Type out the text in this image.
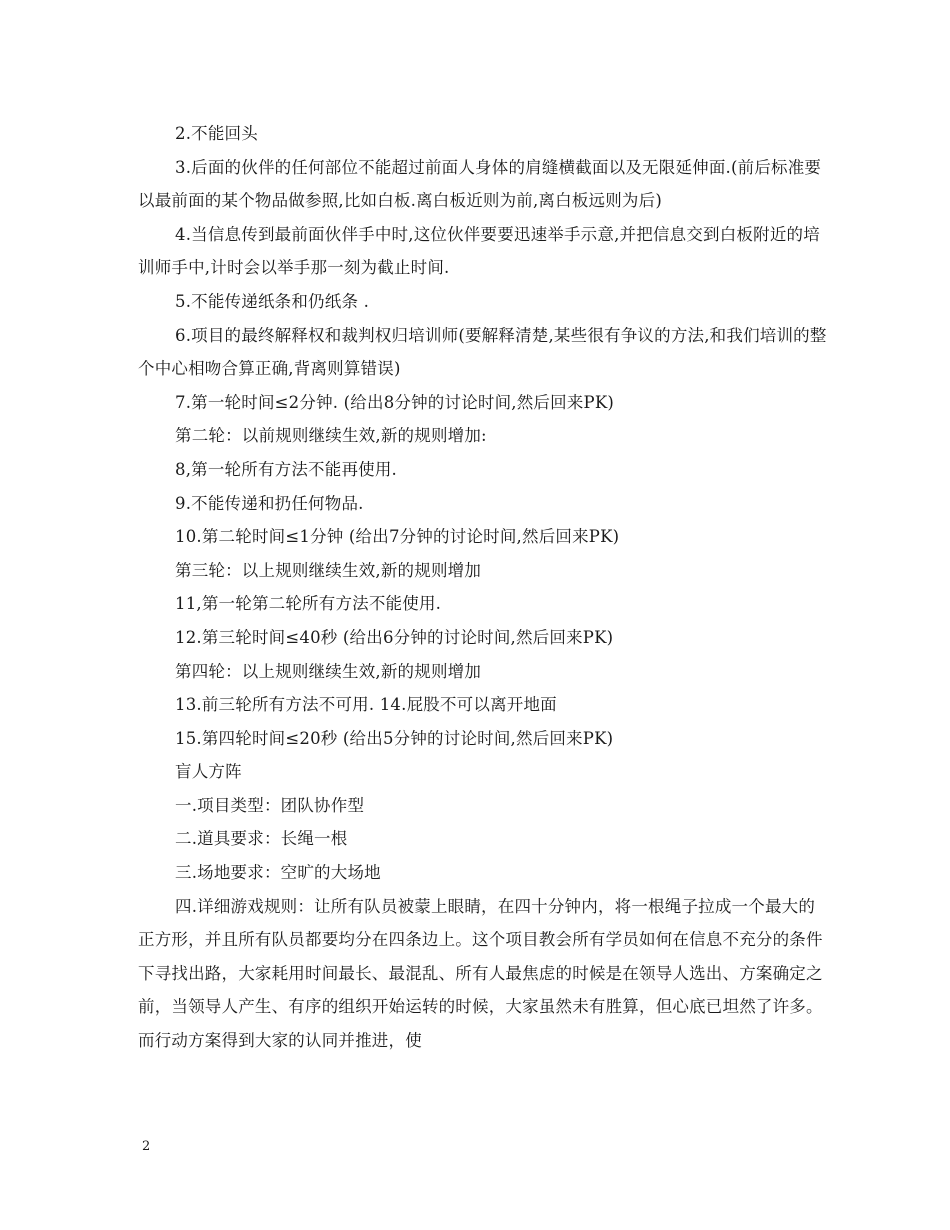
2.不能回头

3.后面的伙伴的任何部位不能超过前面人身体的肩缝横截面以及无限延伸面.(前后标准要以最前面的某个物品做参照,比如白板.离白板近则为前,离白板远则为后)

4.当信息传到最前面伙伴手中时,这位伙伴要要迅速举手示意,并把信息交到白板附近的培训师手中,计时会以举手那一刻为截止时间.

5.不能传递纸条和仍纸条 .

6.项目的最终解释权和裁判权归培训师(要解释清楚,某些很有争议的方法,和我们培训的整个中心相吻合算正确,背离则算错误)

7.第一轮时间≤2分钟. (给出8分钟的讨论时间,然后回来PK)

第二轮：以前规则继续生效,新的规则增加:

8,第一轮所有方法不能再使用.

9.不能传递和扔任何物品.

10.第二轮时间≤1分钟 (给出7分钟的讨论时间,然后回来PK)

第三轮：以上规则继续生效,新的规则增加

11,第一轮第二轮所有方法不能使用.

12.第三轮时间≤40秒 (给出6分钟的讨论时间,然后回来PK)

第四轮：以上规则继续生效,新的规则增加

13.前三轮所有方法不可用. 14.屁股不可以离开地面

15.第四轮时间≤20秒 (给出5分钟的讨论时间,然后回来PK)

盲人方阵

一.项目类型：团队协作型

二.道具要求：长绳一根

三.场地要求：空旷的大场地

四.详细游戏规则：让所有队员被蒙上眼睛，在四十分钟内，将一根绳子拉成一个最大的正方形，并且所有队员都要均分在四条边上。这个项目教会所有学员如何在信息不充分的条件下寻找出路，大家耗用时间最长、最混乱、所有人最焦虑的时候是在领导人选出、方案确定之前，当领导人产生、有序的组织开始运转的时候，大家虽然未有胜算，但心底已坦然了许多。而行动方案得到大家的认同并推进，使

2
